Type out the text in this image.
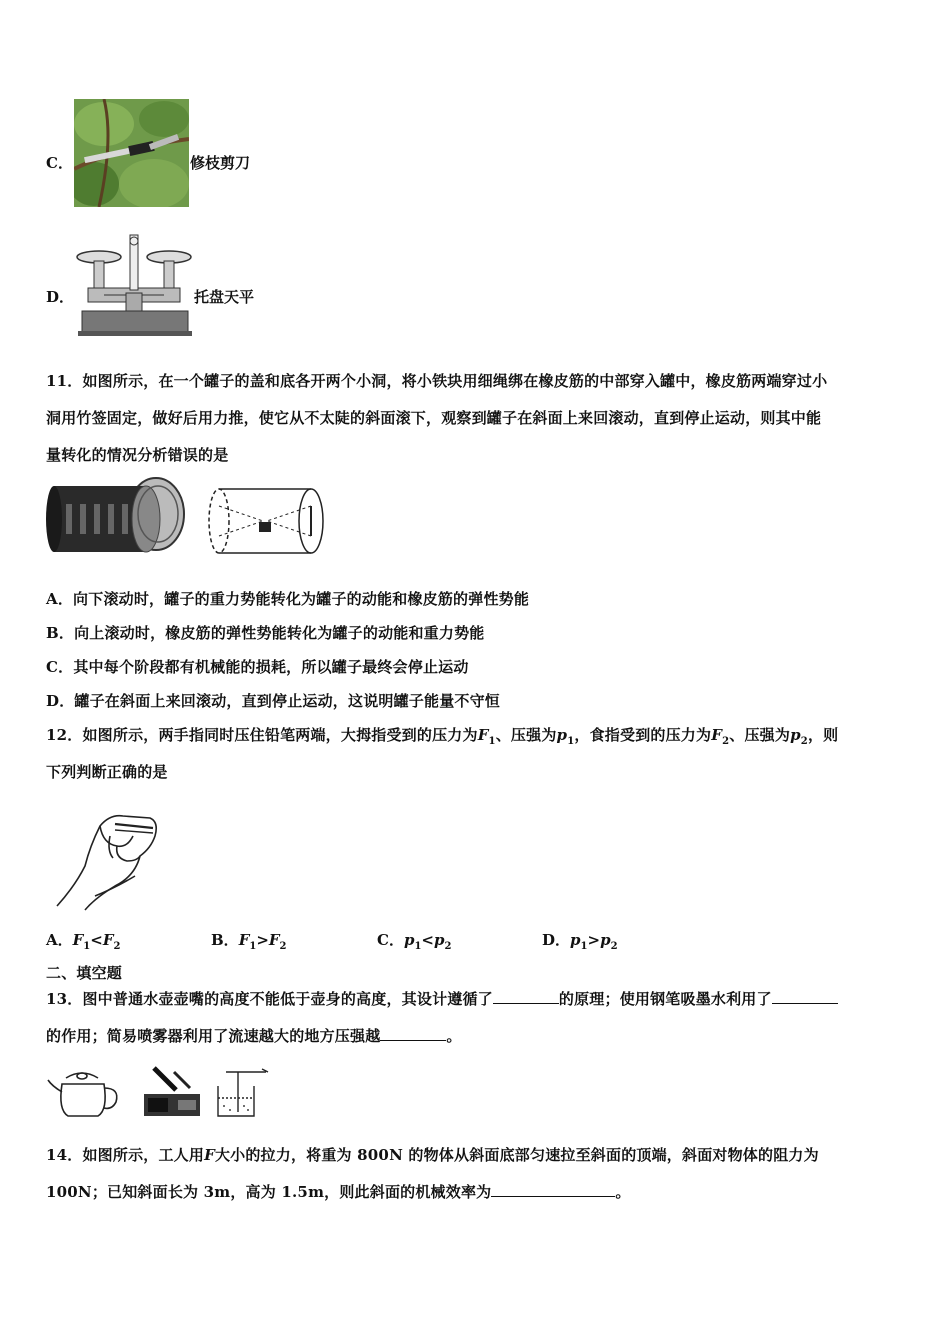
C．	修枝剪刀
D．	托盘天平
11．如图所示，在一个罐子的盖和底各开两个小洞，将小铁块用细绳绑在橡皮筋的中部穿入罐中，橡皮筋两端穿过小
洞用竹签固定，做好后用力推，使它从不太陡的斜面滚下，观察到罐子在斜面上来回滚动，直到停止运动，则其中能
量转化的情况分析错误的是
A．向下滚动时，罐子的重力势能转化为罐子的动能和橡皮筋的弹性势能
B．向上滚动时，橡皮筋的弹性势能转化为罐子的动能和重力势能
C．其中每个阶段都有机械能的损耗，所以罐子最终会停止运动
D．罐子在斜面上来回滚动，直到停止运动，这说明罐子能量不守恒
12．如图所示，两手指同时压住铅笔两端，大拇指受到的压力为$F_1$、压强为$p_1$，食指受到的压力为$F_2$、压强为$p_2$，则
下列判断正确的是
A．$F_1<F_2$	B．$F_1>F_2$	C．$p_1<p_2$	D．$p_1>p_2$
二、填空题
13．图中普通水壶壶嘴的高度不能低于壶身的高度，其设计遵循了	的原理；使用钢笔吸墨水利用了
的作用；简易喷雾器利用了流速越大的地方压强越	。
14．如图所示，工人用F大小的拉力，将重为 800N 的物体从斜面底部匀速拉至斜面的顶端，斜面对物体的阻力为
100N；已知斜面长为 3m，高为 1.5m，则此斜面的机械效率为	。
